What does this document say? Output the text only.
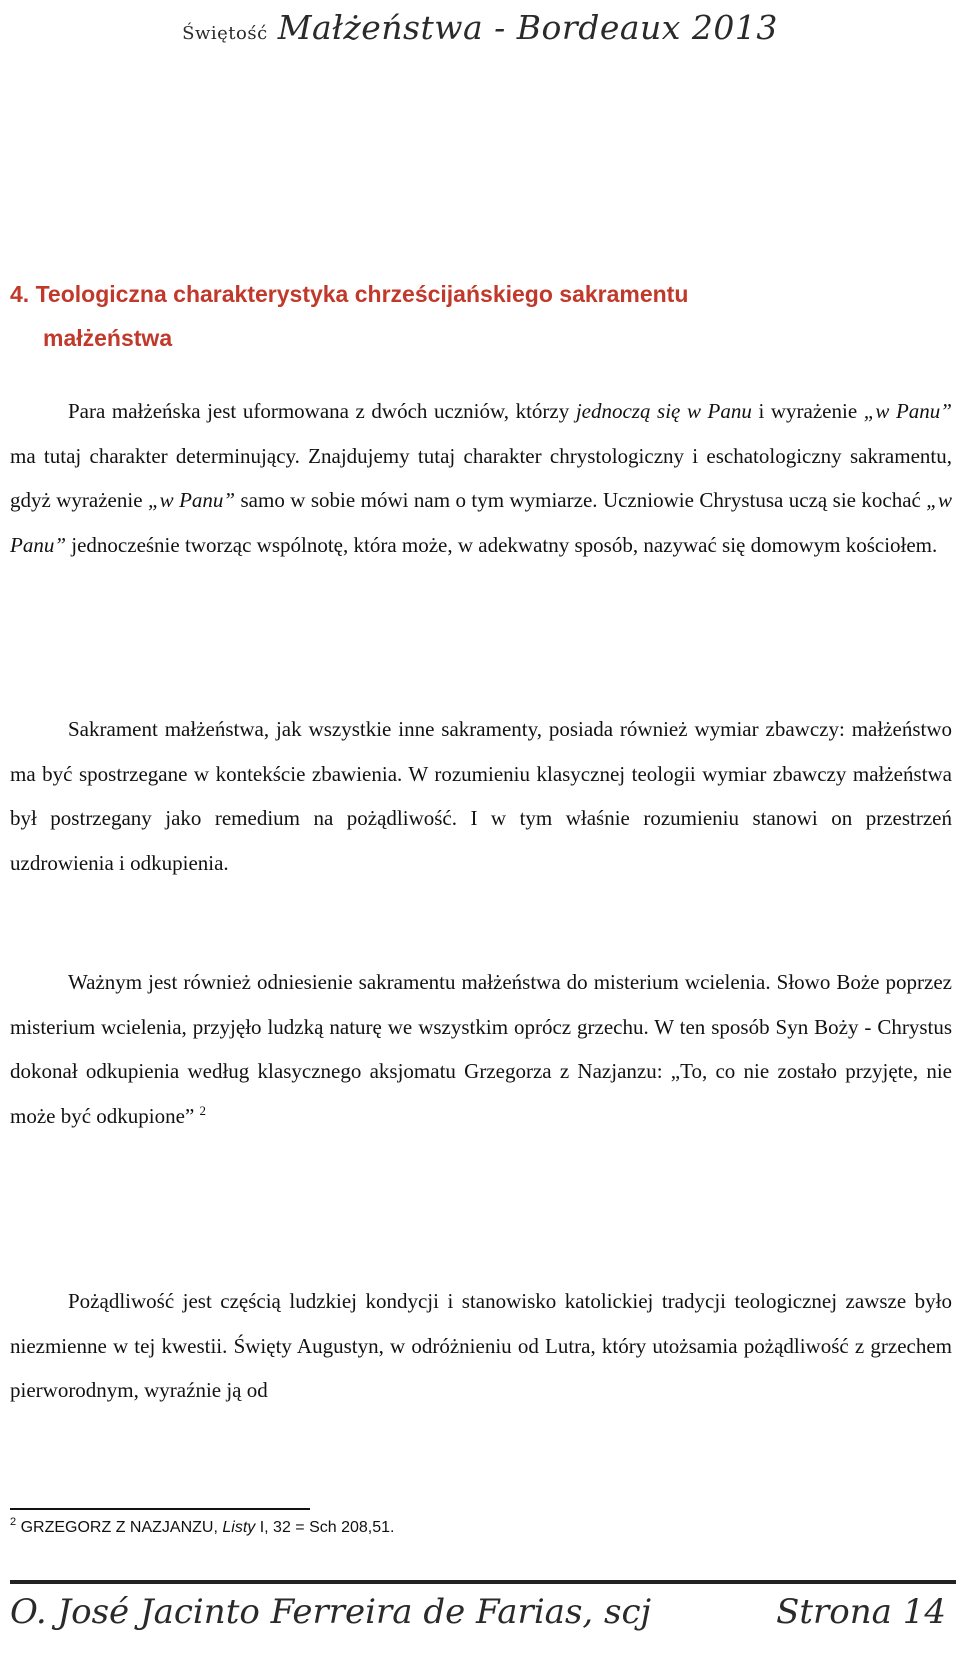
Świętość Małżeństwa - Bordeaux 2013
4. Teologiczna charakterystyka chrześcijańskiego sakramentu
małżeństwa

Para małżeńska jest uformowana z dwóch uczniów, którzy jednoczą się w Panu i wyrażenie „w Panu” ma tutaj charakter determinujący. Znajdujemy tutaj charakter chrystologiczny i eschatologiczny sakramentu, gdyż wyrażenie „w Panu” samo w sobie mówi nam o tym wymiarze. Uczniowie Chrystusa uczą sie kochać „w Panu” jednocześnie tworząc wspólnotę, która może, w adekwatny sposób, nazywać się domowym kościołem.

Sakrament małżeństwa, jak wszystkie inne sakramenty, posiada również wymiar zbawczy: małżeństwo ma być spostrzegane w kontekście zbawienia. W rozumieniu klasycznej teologii wymiar zbawczy małżeństwa był postrzegany jako remedium na pożądliwość. I w tym właśnie rozumieniu stanowi on przestrzeń uzdrowienia i odkupienia.

Ważnym jest również odniesienie sakramentu małżeństwa do misterium wcielenia. Słowo Boże poprzez misterium wcielenia, przyjęło ludzką naturę we wszystkim oprócz grzechu. W ten sposób Syn Boży - Chrystus dokonał odkupienia według klasycznego aksjomatu Grzegorza z Nazjanzu: „To, co nie zostało przyjęte, nie może być odkupione” $^2$

Pożądliwość jest częścią ludzkiej kondycji i stanowisko katolickiej tradycji teologicznej zawsze było niezmienne w tej kwestii. Święty Augustyn, w odróżnieniu od Lutra, który utożsamia pożądliwość z grzechem pierworodnym, wyraźnie ją od

$^2$ GRZEGORZ Z NAZJANZU, Listy I, 32 = Sch 208,51.
O. José Jacinto Ferreira de Farias, scj	Strona 14
